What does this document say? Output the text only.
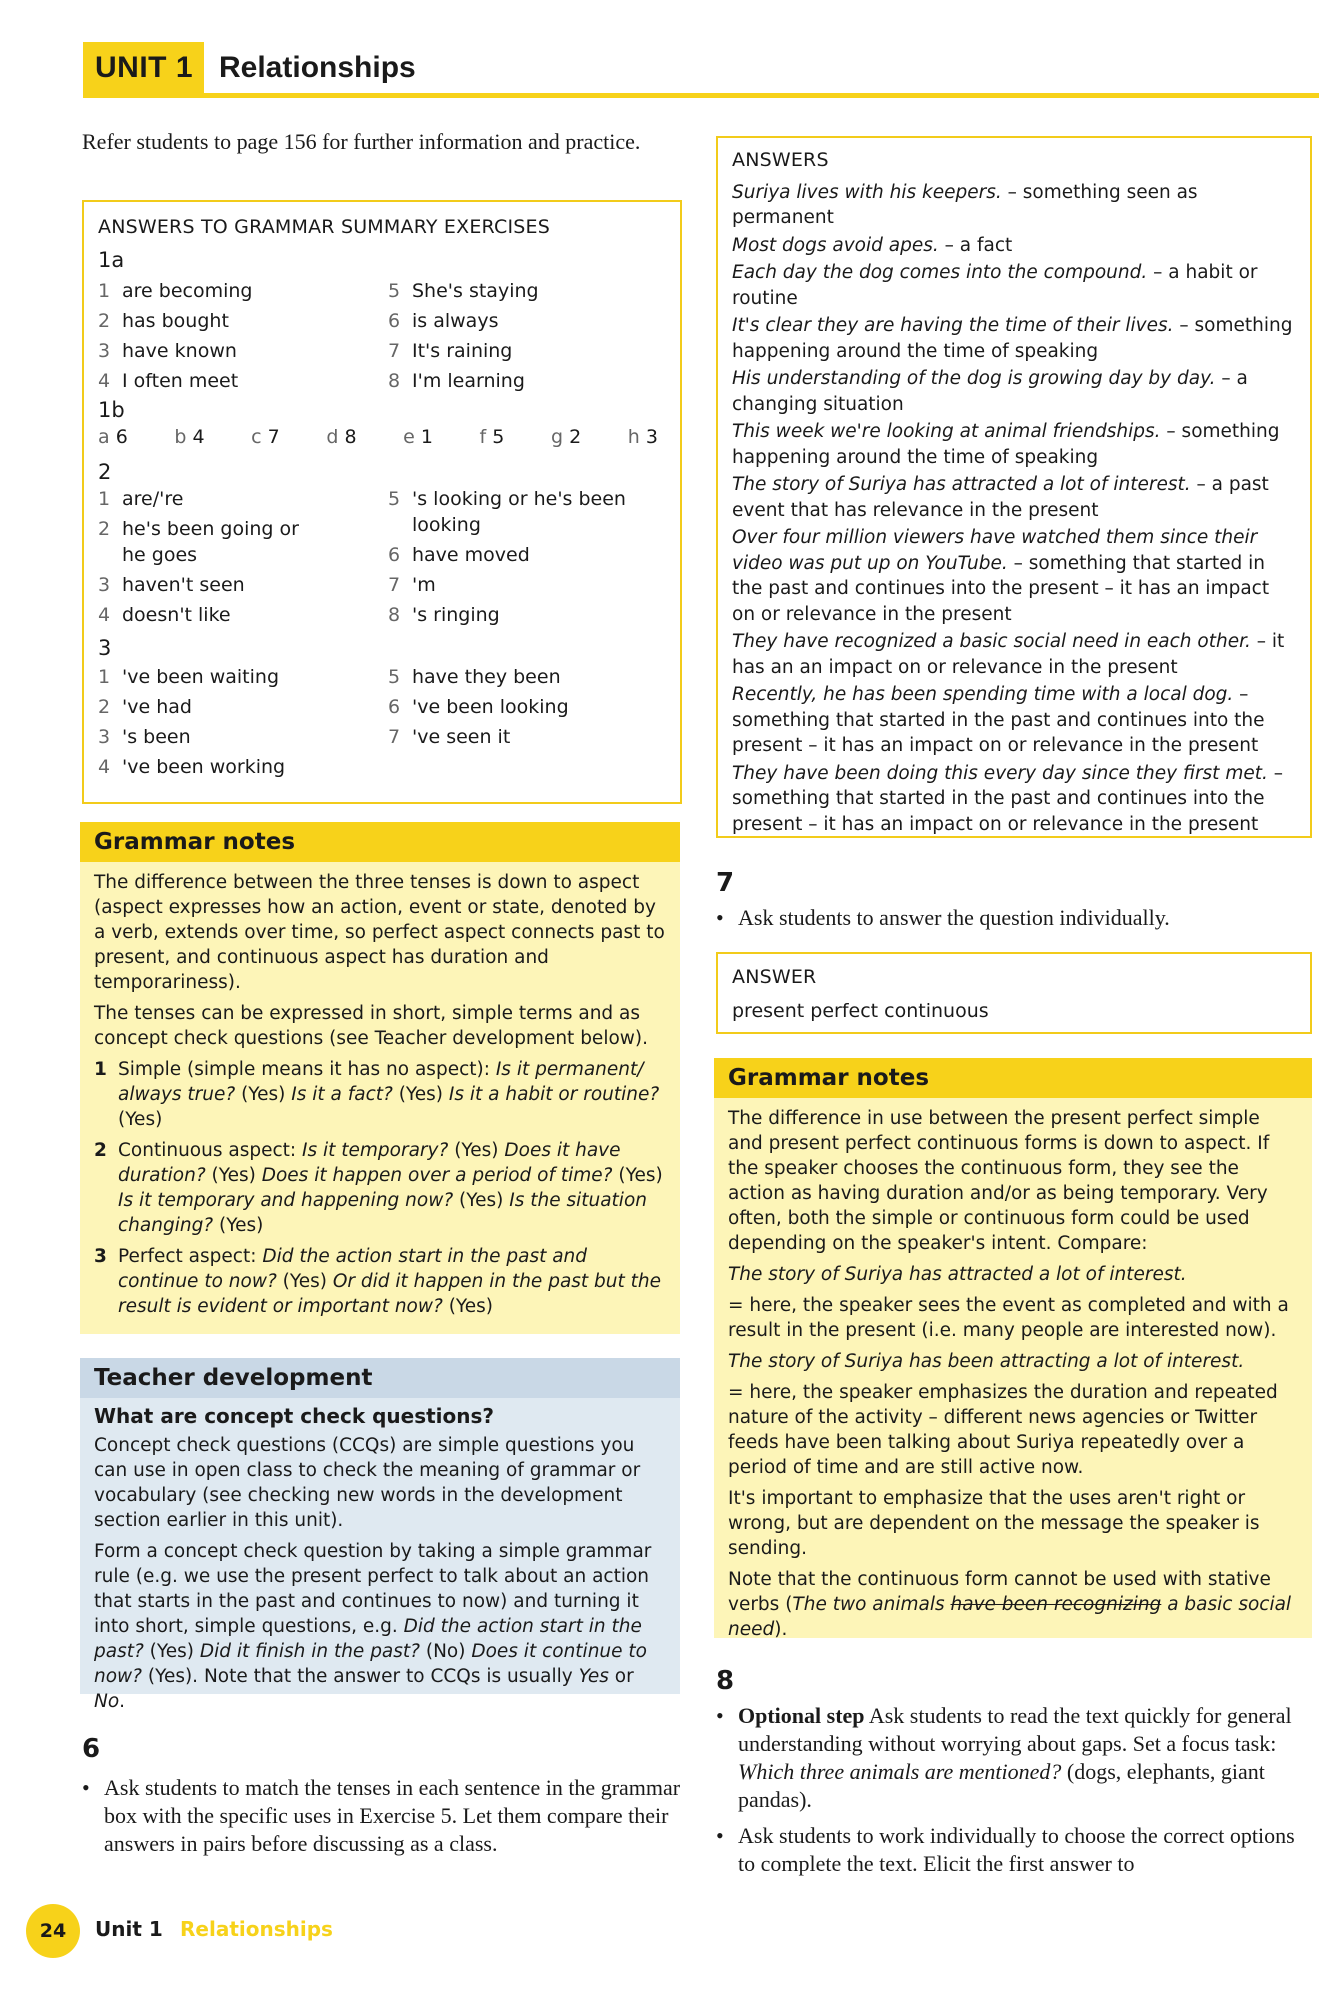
UNIT 1 Relationships

Refer students to page 156 for further information and practice.

ANSWERS TO GRAMMAR SUMMARY EXERCISES
1a
1 are becoming
2 has bought
3 have known
4 I often meet
5 She's staying
6 is always
7 It's raining
8 I'm learning
1b
a 6 b 4 c 7 d 8 e 1 f 5 g 2 h 3
2
1 are/'re
2 he's been going or he goes
3 haven't seen
4 doesn't like
5 's looking or he's been looking
6 have moved
7 'm
8 's ringing
3
1 've been waiting
2 've had
3 's been
4 've been working
5 have they been
6 've been looking
7 've seen it
Grammar notes

The difference between the three tenses is down to aspect (aspect expresses how an action, event or state, denoted by a verb, extends over time, so perfect aspect connects past to present, and continuous aspect has duration and temporariness).

The tenses can be expressed in short, simple terms and as concept check questions (see Teacher development below).

1 Simple (simple means it has no aspect): Is it permanent/ always true? (Yes) Is it a fact? (Yes) Is it a habit or routine? (Yes)
2 Continuous aspect: Is it temporary? (Yes) Does it have duration? (Yes) Does it happen over a period of time? (Yes) Is it temporary and happening now? (Yes) Is the situation changing? (Yes)
3 Perfect aspect: Did the action start in the past and continue to now? (Yes) Or did it happen in the past but the result is evident or important now? (Yes)
Teacher development

What are concept check questions?

Concept check questions (CCQs) are simple questions you can use in open class to check the meaning of grammar or vocabulary (see checking new words in the development section earlier in this unit).

Form a concept check question by taking a simple grammar rule (e.g. we use the present perfect to talk about an action that starts in the past and continues to now) and turning it into short, simple questions, e.g. Did the action start in the past? (Yes) Did it finish in the past? (No) Does it continue to now? (Yes). Note that the answer to CCQs is usually Yes or No.

6
• Ask students to match the tenses in each sentence in the grammar box with the specific uses in Exercise 5. Let them compare their answers in pairs before discussing as a class.
ANSWERS
Suriya lives with his keepers. – something seen as permanent
Most dogs avoid apes. – a fact
Each day the dog comes into the compound. – a habit or routine
It's clear they are having the time of their lives. – something happening around the time of speaking
His understanding of the dog is growing day by day. – a changing situation
This week we're looking at animal friendships. – something happening around the time of speaking
The story of Suriya has attracted a lot of interest. – a past event that has relevance in the present
Over four million viewers have watched them since their video was put up on YouTube. – something that started in the past and continues into the present – it has an impact on or relevance in the present
They have recognized a basic social need in each other. – it has an an impact on or relevance in the present
Recently, he has been spending time with a local dog. – something that started in the past and continues into the present – it has an impact on or relevance in the present
They have been doing this every day since they first met. – something that started in the past and continues into the present – it has an impact on or relevance in the present
7
• Ask students to answer the question individually.
ANSWER
present perfect continuous
Grammar notes

The difference in use between the present perfect simple and present perfect continuous forms is down to aspect. If the speaker chooses the continuous form, they see the action as having duration and/or as being temporary. Very often, both the simple or continuous form could be used depending on the speaker's intent. Compare:

The story of Suriya has attracted a lot of interest.

= here, the speaker sees the event as completed and with a result in the present (i.e. many people are interested now).

The story of Suriya has been attracting a lot of interest.

= here, the speaker emphasizes the duration and repeated nature of the activity – different news agencies or Twitter feeds have been talking about Suriya repeatedly over a period of time and are still active now.

It's important to emphasize that the uses aren't right or wrong, but are dependent on the message the speaker is sending.

Note that the continuous form cannot be used with stative verbs (The two animals have been recognizing a basic social need).

8
• Optional step Ask students to read the text quickly for general understanding without worrying about gaps. Set a focus task: Which three animals are mentioned? (dogs, elephants, giant pandas).
• Ask students to work individually to choose the correct options to complete the text. Elicit the first answer to
24	Unit 1 Relationships
